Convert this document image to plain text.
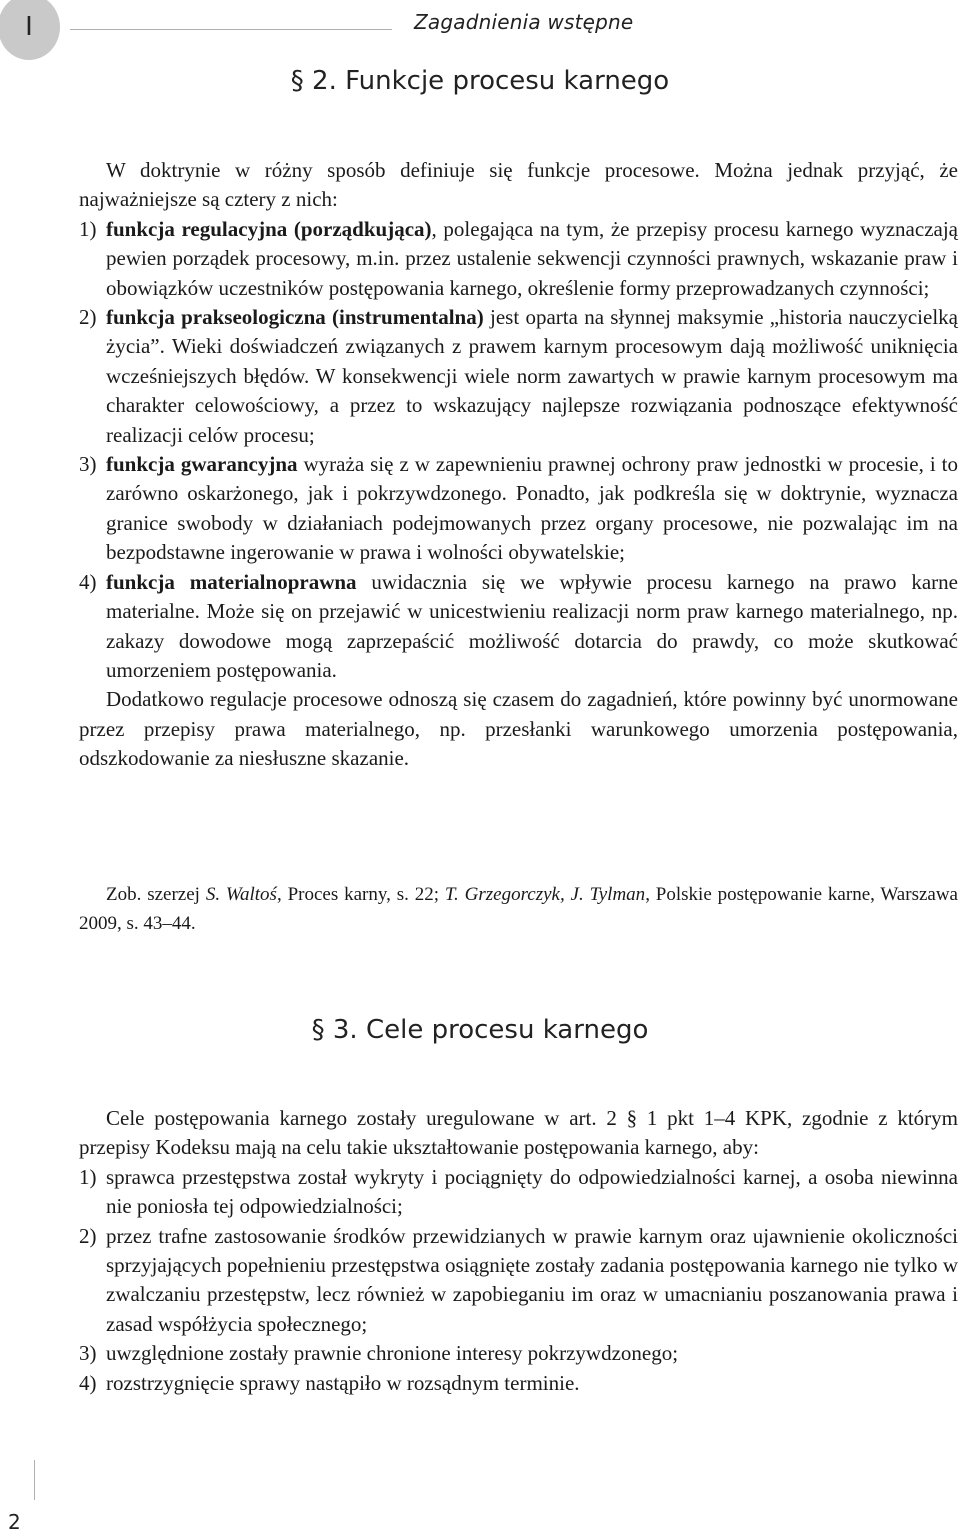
I	Zagadnienia wstępne
§ 2. Funkcje procesu karnego

W doktrynie w różny sposób definiuje się funkcje procesowe. Można jednak przyjąć, że najważniejsze są cztery z nich:

1) funkcja regulacyjna (porządkująca), polegająca na tym, że przepisy procesu karnego wyznaczają pewien porządek procesowy, m.in. przez ustalenie sekwencji czynności prawnych, wskazanie praw i obowiązków uczestników postępowania karnego, określenie formy przeprowadzanych czynności;
2) funkcja prakseologiczna (instrumentalna) jest oparta na słynnej maksymie „historia nauczycielką życia”. Wieki doświadczeń związanych z prawem karnym procesowym dają możliwość uniknięcia wcześniejszych błędów. W konsekwencji wiele norm zawartych w prawie karnym procesowym ma charakter celowościowy, a przez to wskazujący najlepsze rozwiązania podnoszące efektywność realizacji celów procesu;
3) funkcja gwarancyjna wyraża się z w zapewnieniu prawnej ochrony praw jednostki w procesie, i to zarówno oskarżonego, jak i pokrzywdzonego. Ponadto, jak podkreśla się w doktrynie, wyznacza granice swobody w działaniach podejmowanych przez organy procesowe, nie pozwalając im na bezpodstawne ingerowanie w prawa i wolności obywatelskie;
4) funkcja materialnoprawna uwidacznia się we wpływie procesu karnego na prawo karne materialne. Może się on przejawić w unicestwieniu realizacji norm praw karnego materialnego, np. zakazy dowodowe mogą zaprzepaścić możliwość dotarcia do prawdy, co może skutkować umorzeniem postępowania.

Dodatkowo regulacje procesowe odnoszą się czasem do zagadnień, które powinny być unormowane przez przepisy prawa materialnego, np. przesłanki warunkowego umorzenia postępowania, odszkodowanie za niesłuszne skazanie.

Zob. szerzej S. Waltoś, Proces karny, s. 22; T. Grzegorczyk, J. Tylman, Polskie postępowanie karne, Warszawa 2009, s. 43–44.
§ 3. Cele procesu karnego

Cele postępowania karnego zostały uregulowane w art. 2 § 1 pkt 1–4 KPK, zgodnie z którym przepisy Kodeksu mają na celu takie ukształtowanie postępowania karnego, aby:

1) sprawca przestępstwa został wykryty i pociągnięty do odpowiedzialności karnej, a osoba niewinna nie poniosła tej odpowiedzialności;
2) przez trafne zastosowanie środków przewidzianych w prawie karnym oraz ujawnienie okoliczności sprzyjających popełnieniu przestępstwa osiągnięte zostały zadania postępowania karnego nie tylko w zwalczaniu przestępstw, lecz również w zapobieganiu im oraz w umacnianiu poszanowania prawa i zasad współżycia społecznego;
3) uwzględnione zostały prawnie chronione interesy pokrzywdzonego;
4) rozstrzygnięcie sprawy nastąpiło w rozsądnym terminie.
2
